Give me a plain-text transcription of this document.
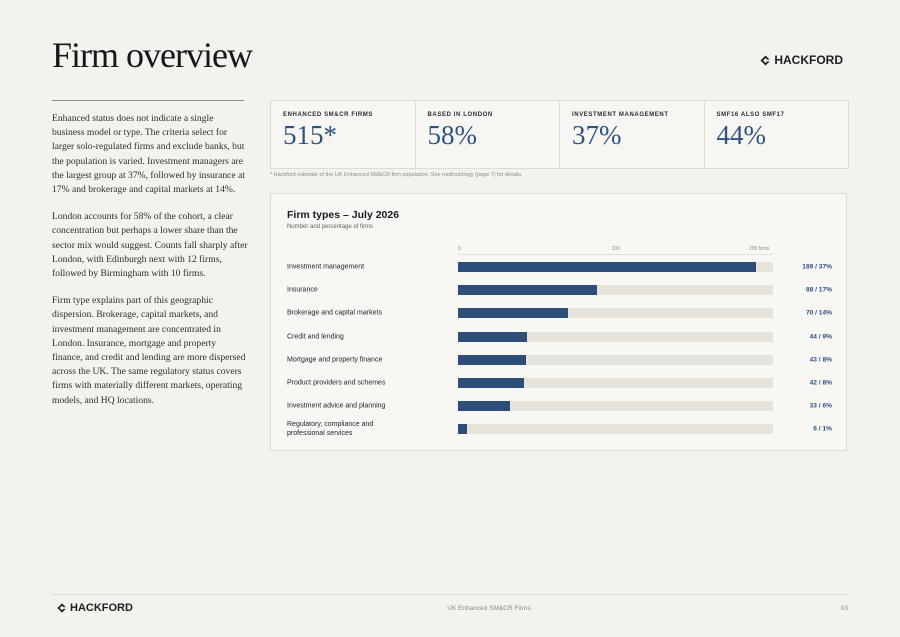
Firm overview	HACKFORD

Enhanced status does not indicate a single business model or type. The criteria select for larger solo-regulated firms and exclude banks, but the population is varied. Investment managers are the largest group at 37%, followed by insurance at 17% and brokerage and capital markets at 14%.

London accounts for 58% of the cohort, a clear concentration but perhaps a lower share than the sector mix would suggest. Counts fall sharply after London, with Edinburgh next with 12 firms, followed by Birmingham with 10 firms.

Firm type explains part of this geographic dispersion. Brokerage, capital markets, and investment management are concentrated in London. Insurance, mortgage and property finance, and credit and lending are more dispersed across the UK. The same regulatory status covers firms with materially different markets, operating models, and HQ locations.

ENHANCED SM&CR FIRMS
515*
BASED IN LONDON
58%
INVESTMENT MANAGEMENT
37%
SMF16 ALSO SMF17
44%
* Hackford estimate of the UK Enhanced SM&CR firm population. See methodology (page 7) for details.
Firm types – July 2026
Number and percentage of firms
0	100	200 firms
Investment management	189 / 37%
Insurance	88 / 17%
Brokerage and capital markets	70 / 14%
Credit and lending	44 / 9%
Mortgage and property finance	43 / 8%
Product providers and schemes	42 / 8%
Investment advice and planning	33 / 6%
Regulatory, compliance and professional services
6 / 1%
HACKFORD	UK Enhanced SM&CR Firms	03
